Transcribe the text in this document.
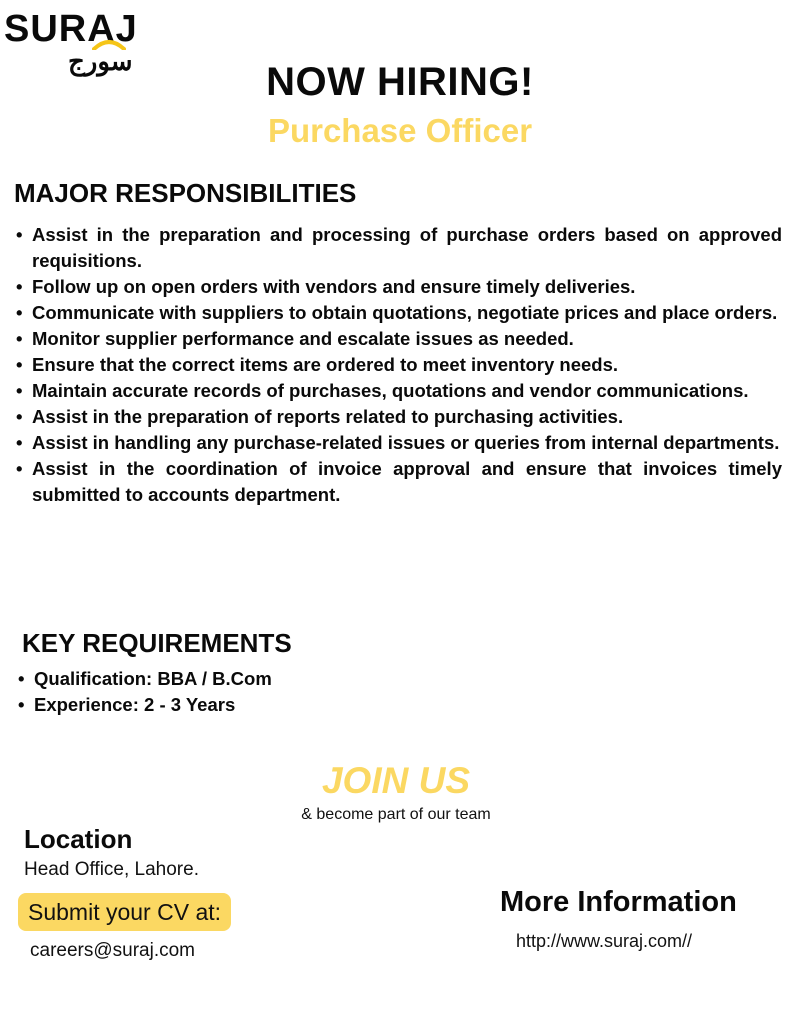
SURAJ
سورج	NOW HIRING!
Purchase Officer
MAJOR RESPONSIBILITIES
• Assist in the preparation and processing of purchase orders based on approved requisitions.
• Follow up on open orders with vendors and ensure timely deliveries.
• Communicate with suppliers to obtain quotations, negotiate prices and place orders.
• Monitor supplier performance and escalate issues as needed.
• Ensure that the correct items are ordered to meet inventory needs.
• Maintain accurate records of purchases, quotations and vendor communications.
• Assist in the preparation of reports related to purchasing activities.
• Assist in handling any purchase-related issues or queries from internal departments.
• Assist in the coordination of invoice approval and ensure that invoices timely submitted to accounts department.
KEY REQUIREMENTS
• Qualification: BBA / B.Com
• Experience: 2 - 3 Years
JOIN US
& become part of our team
Location
Head Office, Lahore.
Submit your CV at:
careers@suraj.com
More Information
http://www.suraj.com//
